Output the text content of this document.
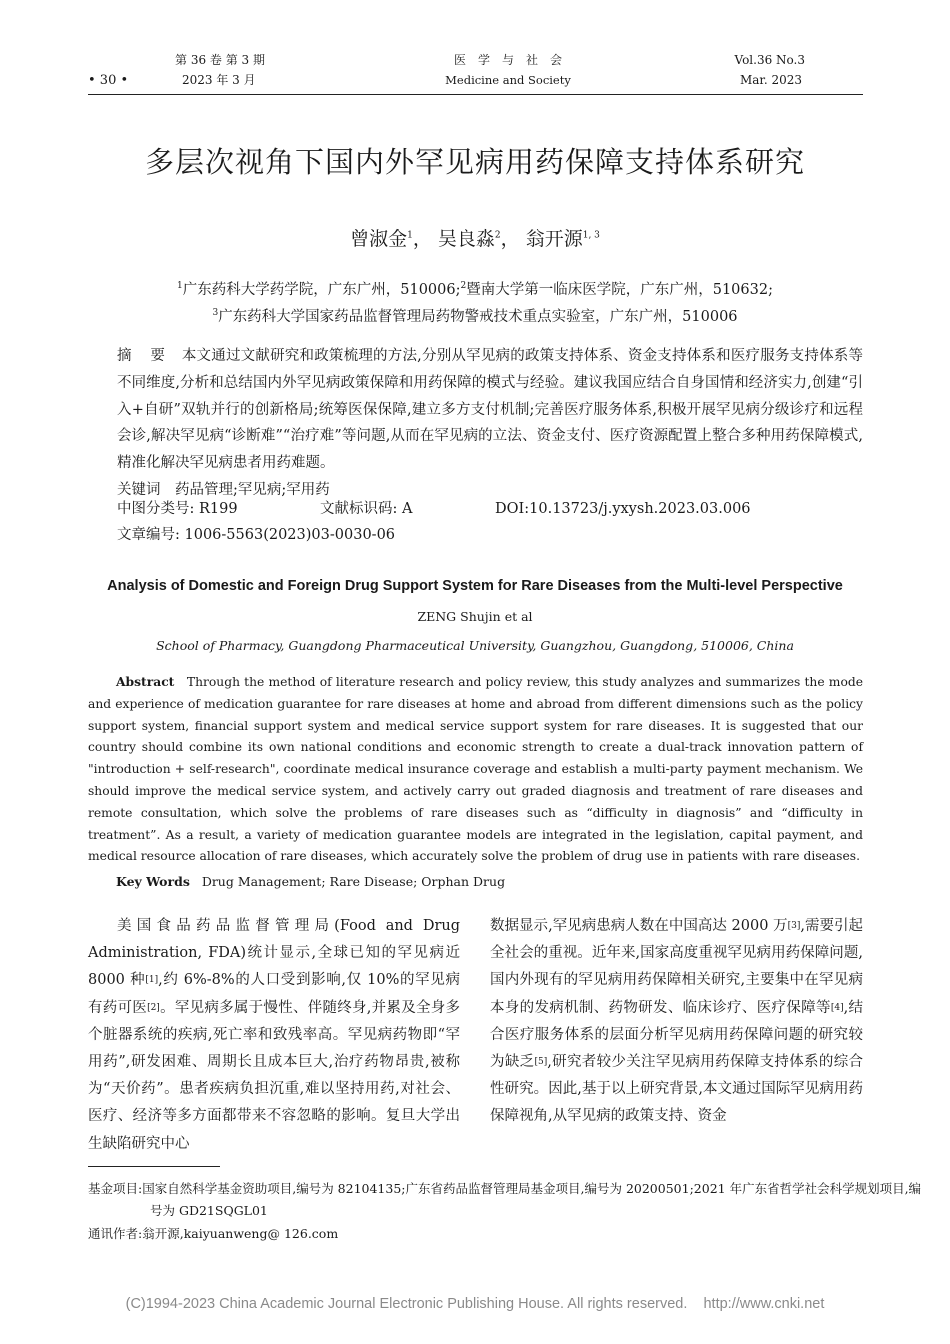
• 30 •
第 36 卷 第 3 期
2023 年 3 月
医　学　与　社　会
Medicine and Society
Vol.36 No.3
Mar. 2023
多层次视角下国内外罕见病用药保障支持体系研究
曾淑金$^1$， 吴良淼$^2$， 翁开源$^{1, 3}$
$^1$广东药科大学药学院，广东广州，510006;$^2$暨南大学第一临床医学院，广东广州，510632;
$^3$广东药科大学国家药品监督管理局药物警戒技术重点实验室，广东广州，510006
摘　要　 本文通过文献研究和政策梳理的方法,分别从罕见病的政策支持体系、资金支持体系和医疗服务支持体系等不同维度,分析和总结国内外罕见病政策保障和用药保障的模式与经验。建议我国应结合自身国情和经济实力,创建“引入+自研”双轨并行的创新格局;统筹医保保障,建立多方支付机制;完善医疗服务体系,积极开展罕见病分级诊疗和远程会诊,解决罕见病“诊断难”“治疗难”等问题,从而在罕见病的立法、资金支付、医疗资源配置上整合多种用药保障模式,精准化解决罕见病患者用药难题。
关键词　 药品管理;罕见病;罕用药
中图分类号: R199	文献标识码: A	DOI:10.13723/j.yxysh.2023.03.006
文章编号: 1006-5563(2023)03-0030-06
Analysis of Domestic and Foreign Drug Support System for Rare Diseases from the Multi-level Perspective
ZENG Shujin et al
School of Pharmacy, Guangdong Pharmaceutical University, Guangzhou, Guangdong, 510006, China
Abstract Through the method of literature research and policy review, this study analyzes and summarizes the mode and experience of medication guarantee for rare diseases at home and abroad from different dimensions such as the policy support system, financial support system and medical service support system for rare diseases. It is suggested that our country should combine its own national conditions and economic strength to create a dual-track innovation pattern of "introduction + self-research", coordinate medical insurance coverage and establish a multi-party payment mechanism. We should improve the medical service system, and actively carry out graded diagnosis and treatment of rare diseases and remote consultation, which solve the problems of rare diseases such as “difficulty in diagnosis” and “difficulty in treatment”. As a result, a variety of medication guarantee models are integrated in the legislation, capital payment, and medical resource allocation of rare diseases, which accurately solve the problem of drug use in patients with rare diseases.
Key Words Drug Management; Rare Disease; Orphan Drug
美国食品药品监督管理局(Food and Drug Administration, FDA)统计显示,全球已知的罕见病近 8000 种[1],约 6%-8%的人口受到影响,仅 10%的罕见病有药可医[2]。罕见病多属于慢性、伴随终身,并累及全身多个脏器系统的疾病,死亡率和致残率高。罕见病药物即“罕用药”,研发困难、周期长且成本巨大,治疗药物昂贵,被称为“天价药”。患者疾病负担沉重,难以坚持用药,对社会、医疗、经济等多方面都带来不容忽略的影响。复旦大学出生缺陷研究中心
数据显示,罕见病患病人数在中国高达 2000 万[3],需要引起全社会的重视。近年来,国家高度重视罕见病用药保障问题,国内外现有的罕见病用药保障相关研究,主要集中在罕见病本身的发病机制、药物研发、临床诊疗、医疗保障等[4],结合医疗服务体系的层面分析罕见病用药保障问题的研究较为缺乏[5],研究者较少关注罕见病用药保障支持体系的综合性研究。因此,基于以上研究背景,本文通过国际罕见病用药保障视角,从罕见病的政策支持、资金
基金项目:国家自然科学基金资助项目,编号为 82104135;广东省药品监督管理局基金项目,编号为 20200501;2021 年广东省哲学社会科学规划项目,编号为 GD21SQGL01
通讯作者:翁开源,kaiyuanweng@ 126.com
(C)1994-2023 China Academic Journal Electronic Publishing House. All rights reserved.    http://www.cnki.net
